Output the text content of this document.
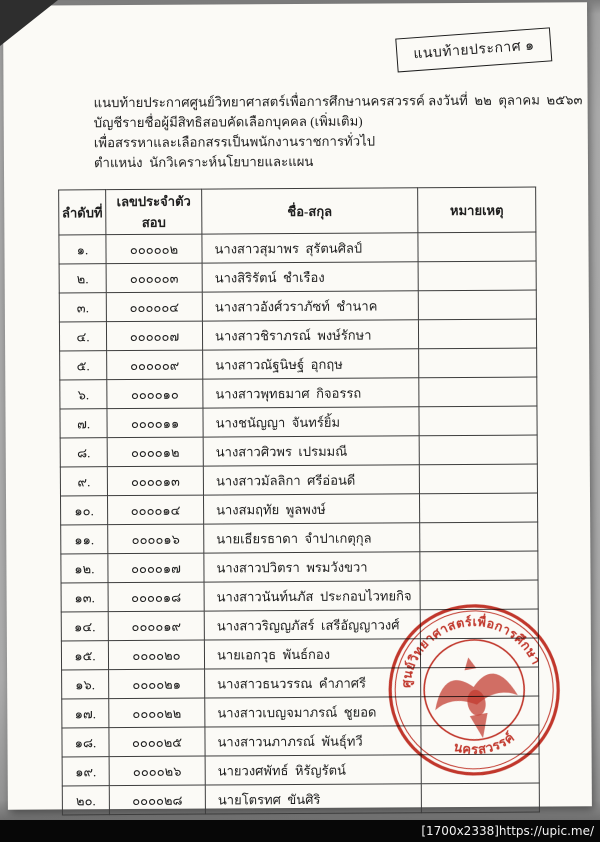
แนบท้ายประกาศ ๑
แนบท้ายประกาศศูนย์วิทยาศาสตร์เพื่อการศึกษานครสวรรค์ ลงวันที่  ๒๒  ตุลาคม  ๒๕๖๓
บัญชีรายชื่อผู้มีสิทธิสอบคัดเลือกบุคคล (เพิ่มเติม)
เพื่อสรรหาและเลือกสรรเป็นพนักงานราชการทั่วไป
ตำแหน่ง  นักวิเคราะห์นโยบายและแผน
ลำดับที่	เลขประจำตัวสอบ	ชื่อ-สกุล	หมายเหตุ
๑.	๐๐๐๐๐๒	นางสาวสุมาพร  สุรัตนศิลป์	
๒.	๐๐๐๐๐๓	นางสิริรัตน์  ชำเรือง	
๓.	๐๐๐๐๐๔	นางสาวอังศ์วราภัซท์  ชำนาค	
๔.	๐๐๐๐๐๗	นางสาวชิราภรณ์  พงษ์รักษา	
๕.	๐๐๐๐๐๙	นางสาวณัฐนิษฐ์  อุกฤษ	
๖.	๐๐๐๐๑๐	นางสาวพุทธมาศ  กิจอรรถ	
๗.	๐๐๐๐๑๑	นางชนัญญา  จันทร์ยิ้ม	
๘.	๐๐๐๐๑๒	นางสาวศิวพร  เปรมมณี	
๙.	๐๐๐๐๑๓	นางสาวมัลลิกา  ศรีอ่อนดี	
๑๐.	๐๐๐๐๑๔	นางสมฤทัย  พูลพงษ์	
๑๑.	๐๐๐๐๑๖	นายเธียรธาดา  จำปาเกตุกุล	
๑๒.	๐๐๐๐๑๗	นางสาวปวิตรา  พรมวังขวา	
๑๓.	๐๐๐๐๑๘	นางสาวนันท์นภัส  ประกอบไวทยกิจ	
๑๔.	๐๐๐๐๑๙	นางสาวริญญภัสร์  เสรีอัญญาวงศ์	
๑๕.	๐๐๐๐๒๐	นายเอกวุธ  พันธ์กอง	
๑๖.	๐๐๐๐๒๑	นางสาวธนวรรณ  คำภาศรี	
๑๗.	๐๐๐๐๒๒	นางสาวเบญจมาภรณ์  ชูยอด	
๑๘.	๐๐๐๐๒๕	นางสาวนภาภรณ์  พันธุ์ทวี	
๑๙.	๐๐๐๐๒๖	นายวงศพัทธ์  หิรัญรัตน์	
๒๐.	๐๐๐๐๒๘	นายโตรทศ  ขันศิริ	
ศูนย์วิทยาศาสตร์เพื่อการศึกษา
นครสวรรค์
[1700x2338]https://upic.me/
